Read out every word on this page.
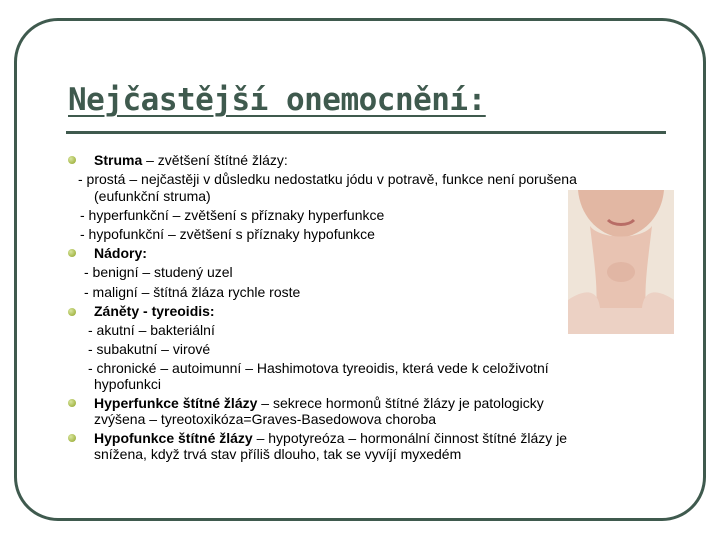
Nejčastější onemocnění:
Struma – zvětšení štítné žlázy:
- prostá – nejčastěji v důsledku nedostatku jódu v potravě, funkce není porušena
(eufunkční struma)
- hyperfunkční – zvětšení s příznaky hyperfunkce
- hypofunkční – zvětšení s příznaky hypofunkce
Nádory:
- benigní – studený uzel
- maligní – štítná žláza rychle roste
Záněty - tyreoidis:
- akutní – bakteriální
- subakutní – virové
- chronické – autoimunní – Hashimotova tyreoidis, která vede k celoživotní
hypofunkci
Hyperfunkce štítné žlázy – sekrece hormonů štítné žlázy je patologicky
zvýšena – tyreotoxikóza=Graves-Basedowova choroba
Hypofunkce štítné žlázy – hypotyreóza – hormonální činnost štítné žlázy je
snížena, když trvá stav příliš dlouho, tak se vyvíjí myxedém
